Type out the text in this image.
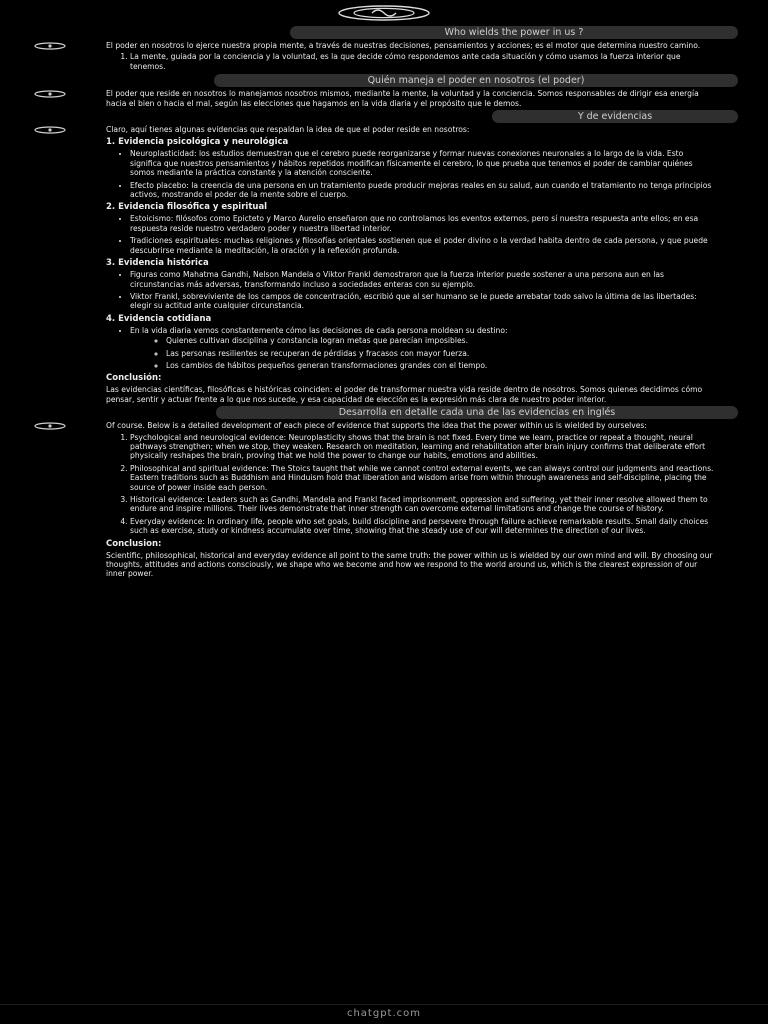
Who wields the power in us ?

El poder en nosotros lo ejerce nuestra propia mente, a través de nuestras decisiones, pensamientos y acciones; es el motor que determina nuestro camino.

1. La mente, guiada por la conciencia y la voluntad, es la que decide cómo respondemos ante cada situación y cómo usamos la fuerza interior que tenemos.
Quién maneja el poder en nosotros (el poder)

El poder que reside en nosotros lo manejamos nosotros mismos, mediante la mente, la voluntad y la conciencia. Somos responsables de dirigir esa energía hacia el bien o hacia el mal, según las elecciones que hagamos en la vida diaria y el propósito que le demos.

Y de evidencias

Claro, aquí tienes algunas evidencias que respaldan la idea de que el poder reside en nosotros:

1. Evidencia psicológica y neurológica
• Neuroplasticidad: los estudios demuestran que el cerebro puede reorganizarse y formar nuevas conexiones neuronales a lo largo de la vida. Esto significa que nuestros pensamientos y hábitos repetidos modifican físicamente el cerebro, lo que prueba que tenemos el poder de cambiar quiénes somos mediante la práctica constante y la atención consciente.
• Efecto placebo: la creencia de una persona en un tratamiento puede producir mejoras reales en su salud, aun cuando el tratamiento no tenga principios activos, mostrando el poder de la mente sobre el cuerpo.
2. Evidencia filosófica y espiritual
• Estoicismo: filósofos como Epicteto y Marco Aurelio enseñaron que no controlamos los eventos externos, pero sí nuestra respuesta ante ellos; en esa respuesta reside nuestro verdadero poder y nuestra libertad interior.
• Tradiciones espirituales: muchas religiones y filosofías orientales sostienen que el poder divino o la verdad habita dentro de cada persona, y que puede descubrirse mediante la meditación, la oración y la reflexión profunda.
3. Evidencia histórica
• Figuras como Mahatma Gandhi, Nelson Mandela o Viktor Frankl demostraron que la fuerza interior puede sostener a una persona aun en las circunstancias más adversas, transformando incluso a sociedades enteras con su ejemplo.
• Viktor Frankl, sobreviviente de los campos de concentración, escribió que al ser humano se le puede arrebatar todo salvo la última de las libertades: elegir su actitud ante cualquier circunstancia.
4. Evidencia cotidiana
• En la vida diaria vemos constantemente cómo las decisiones de cada persona moldean su destino:
◦ Quienes cultivan disciplina y constancia logran metas que parecían imposibles.
◦ Las personas resilientes se recuperan de pérdidas y fracasos con mayor fuerza.
◦ Los cambios de hábitos pequeños generan transformaciones grandes con el tiempo.
Conclusión:

Las evidencias científicas, filosóficas e históricas coinciden: el poder de transformar nuestra vida reside dentro de nosotros. Somos quienes decidimos cómo pensar, sentir y actuar frente a lo que nos sucede, y esa capacidad de elección es la expresión más clara de nuestro poder interior.

Desarrolla en detalle cada una de las evidencias en inglés

Of course. Below is a detailed development of each piece of evidence that supports the idea that the power within us is wielded by ourselves:

1. Psychological and neurological evidence: Neuroplasticity shows that the brain is not fixed. Every time we learn, practice or repeat a thought, neural pathways strengthen; when we stop, they weaken. Research on meditation, learning and rehabilitation after brain injury confirms that deliberate effort physically reshapes the brain, proving that we hold the power to change our habits, emotions and abilities.
2. Philosophical and spiritual evidence: The Stoics taught that while we cannot control external events, we can always control our judgments and reactions. Eastern traditions such as Buddhism and Hinduism hold that liberation and wisdom arise from within through awareness and self-discipline, placing the source of power inside each person.
3. Historical evidence: Leaders such as Gandhi, Mandela and Frankl faced imprisonment, oppression and suffering, yet their inner resolve allowed them to endure and inspire millions. Their lives demonstrate that inner strength can overcome external limitations and change the course of history.
4. Everyday evidence: In ordinary life, people who set goals, build discipline and persevere through failure achieve remarkable results. Small daily choices such as exercise, study or kindness accumulate over time, showing that the steady use of our will determines the direction of our lives.
Conclusion:

Scientific, philosophical, historical and everyday evidence all point to the same truth: the power within us is wielded by our own mind and will. By choosing our thoughts, attitudes and actions consciously, we shape who we become and how we respond to the world around us, which is the clearest expression of our inner power.

chatgpt.com
